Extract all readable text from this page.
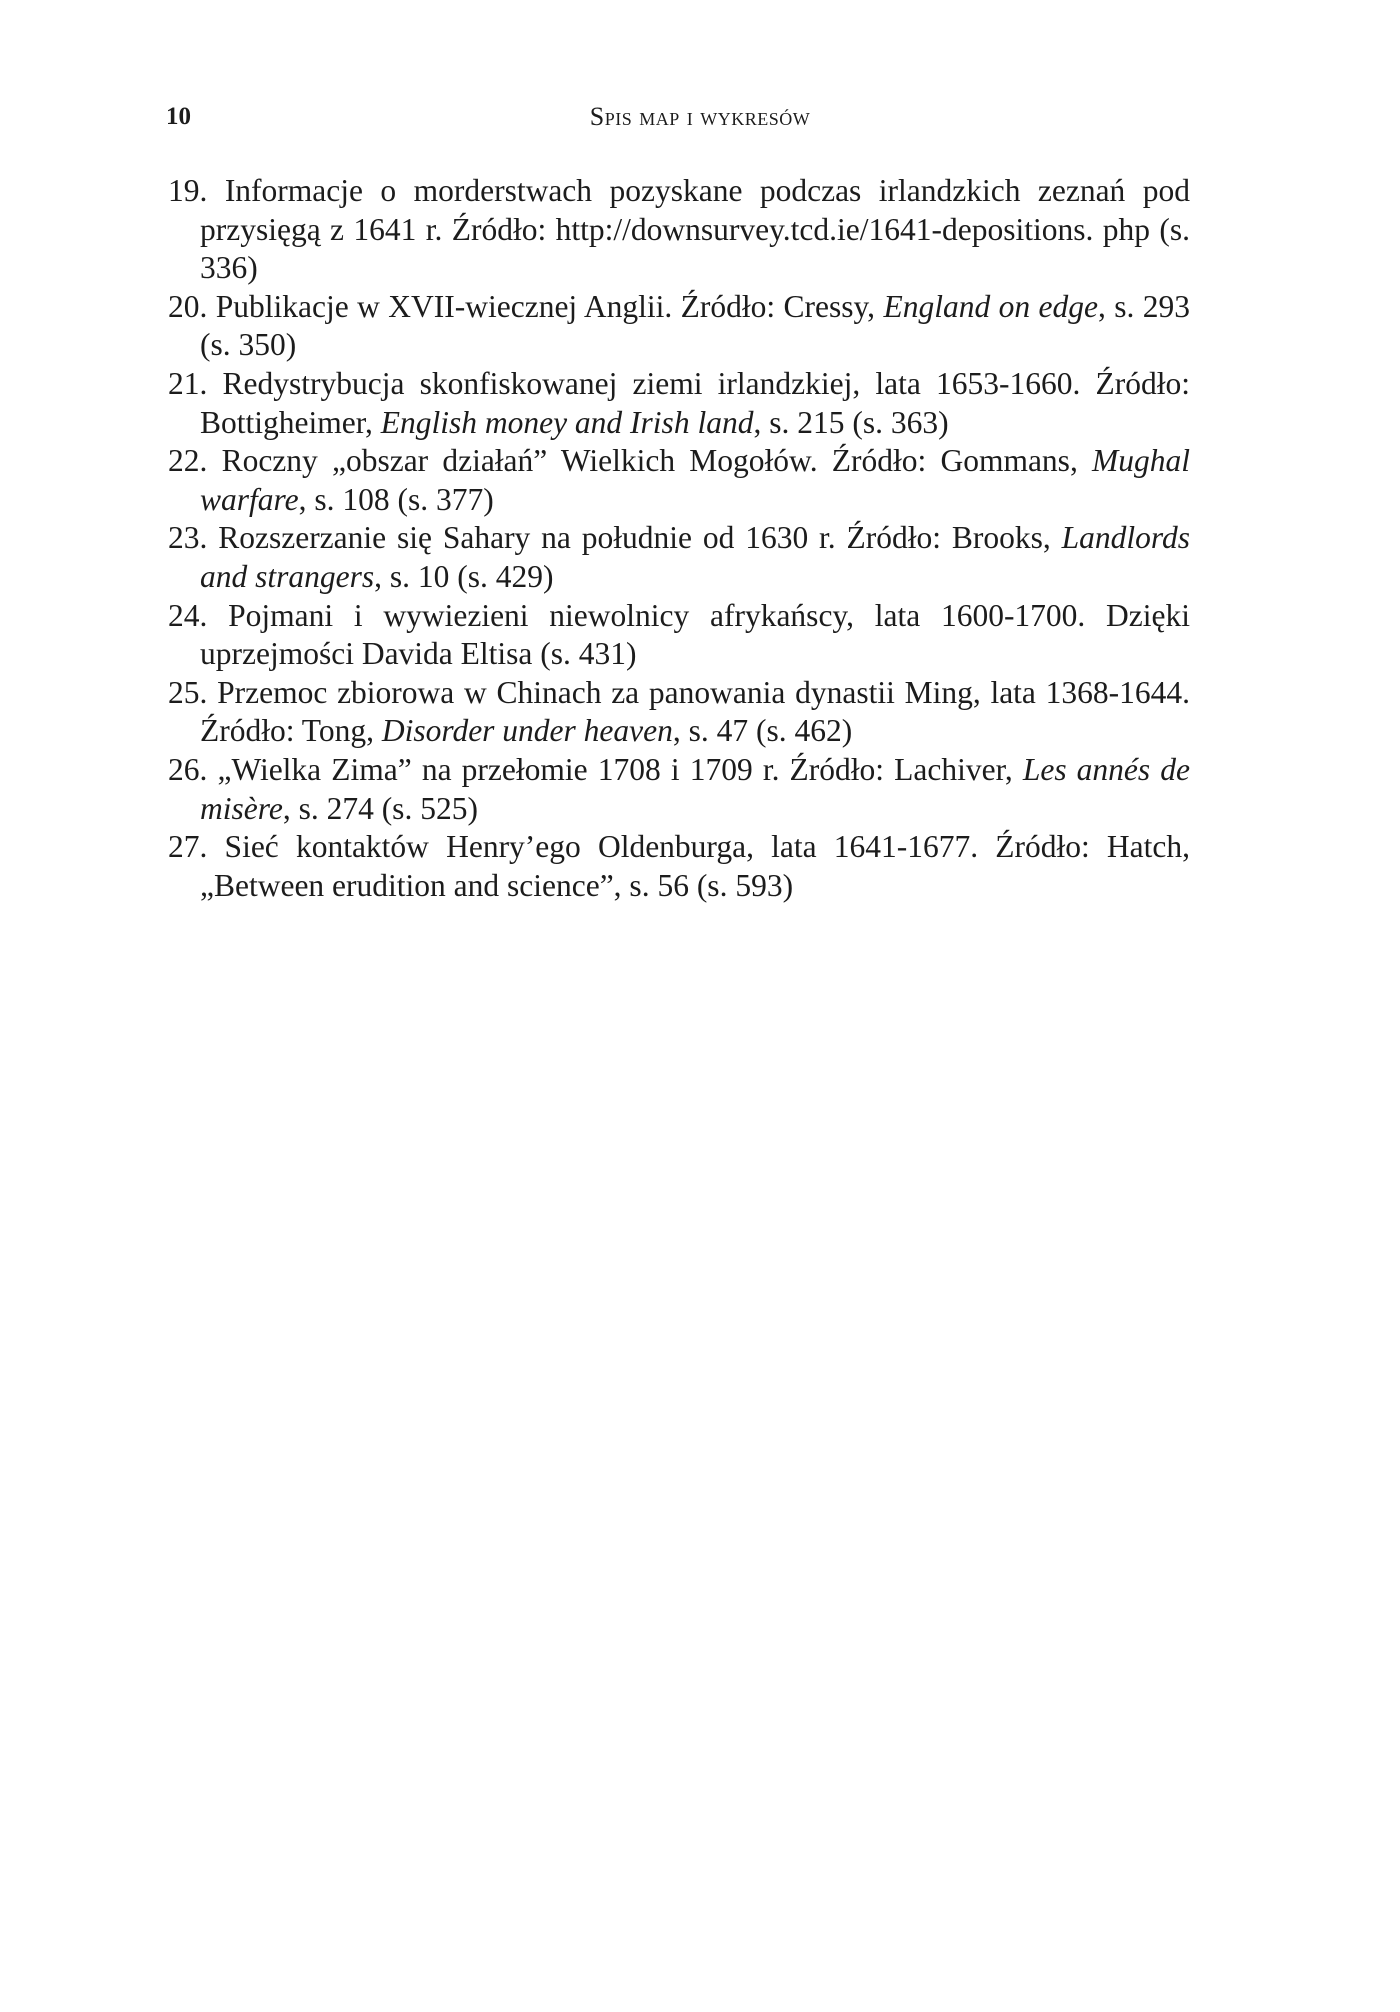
10	Spis map i wykresów
19. Informacje o morderstwach pozyskane podczas irlandzkich zeznań pod przysięgą z 1641 r. Źródło: http://downsurvey.tcd.ie/1641-depositions. php (s. 336)
20. Publikacje w XVII-wiecznej Anglii. Źródło: Cressy, England on edge, s. 293 (s. 350)
21. Redystrybucja skonfiskowanej ziemi irlandzkiej, lata 1653-1660. Źródło: Bottigheimer, English money and Irish land, s. 215 (s. 363)
22. Roczny „obszar działań” Wielkich Mogołów. Źródło: Gommans, Mughal warfare, s. 108 (s. 377)
23. Rozszerzanie się Sahary na południe od 1630 r. Źródło: Brooks, Landlords and strangers, s. 10 (s. 429)
24. Pojmani i wywiezieni niewolnicy afrykańscy, lata 1600-1700. Dzięki uprzejmości Davida Eltisa (s. 431)
25. Przemoc zbiorowa w Chinach za panowania dynastii Ming, lata 1368-1644. Źródło: Tong, Disorder under heaven, s. 47 (s. 462)
26. „Wielka Zima” na przełomie 1708 i 1709 r. Źródło: Lachiver, Les annés de misère, s. 274 (s. 525)
27. Sieć kontaktów Henry’ego Oldenburga, lata 1641-1677. Źródło: Hatch, „Between erudition and science”, s. 56 (s. 593)
